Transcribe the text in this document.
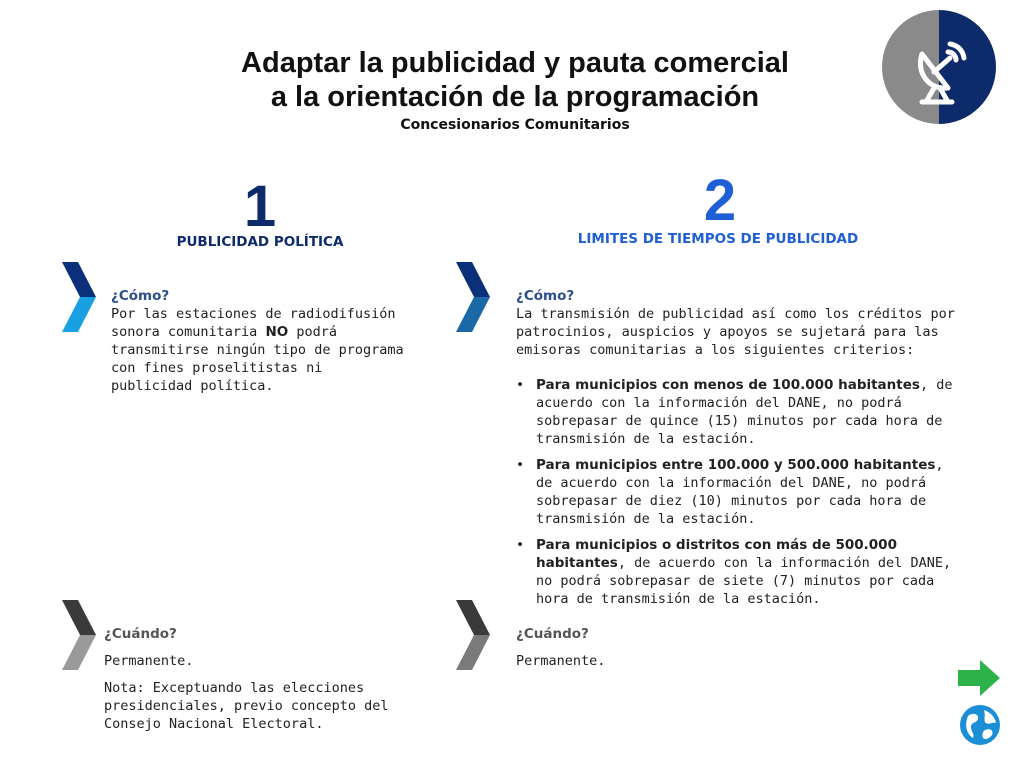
Adaptar la publicidad y pauta comercial
a la orientación de la programación
Concesionarios Comunitarios
1
PUBLICIDAD POLÍTICA
¿Cómo?

Por las estaciones de radiodifusión sonora comunitaria NO podrá transmitirse ningún tipo de programa con fines proselitistas ni publicidad política.

¿Cuándo?

Permanente.

Nota: Exceptuando las elecciones presidenciales, previo concepto del Consejo Nacional Electoral.

2
LIMITES DE TIEMPOS DE PUBLICIDAD
¿Cómo?

La transmisión de publicidad así como los créditos por patrocinios, auspicios y apoyos se sujetará para las emisoras comunitarias a los siguientes criterios:

• Para municipios con menos de 100.000 habitantes, de acuerdo con la información del DANE, no podrá sobrepasar de quince (15) minutos por cada hora de transmisión de la estación.
• Para municipios entre 100.000 y 500.000 habitantes, de acuerdo con la información del DANE, no podrá sobrepasar de diez (10) minutos por cada hora de transmisión de la estación.
• Para municipios o distritos con más de 500.000 habitantes, de acuerdo con la información del DANE, no podrá sobrepasar de siete (7) minutos por cada hora de transmisión de la estación.
¿Cuándo?

Permanente.
